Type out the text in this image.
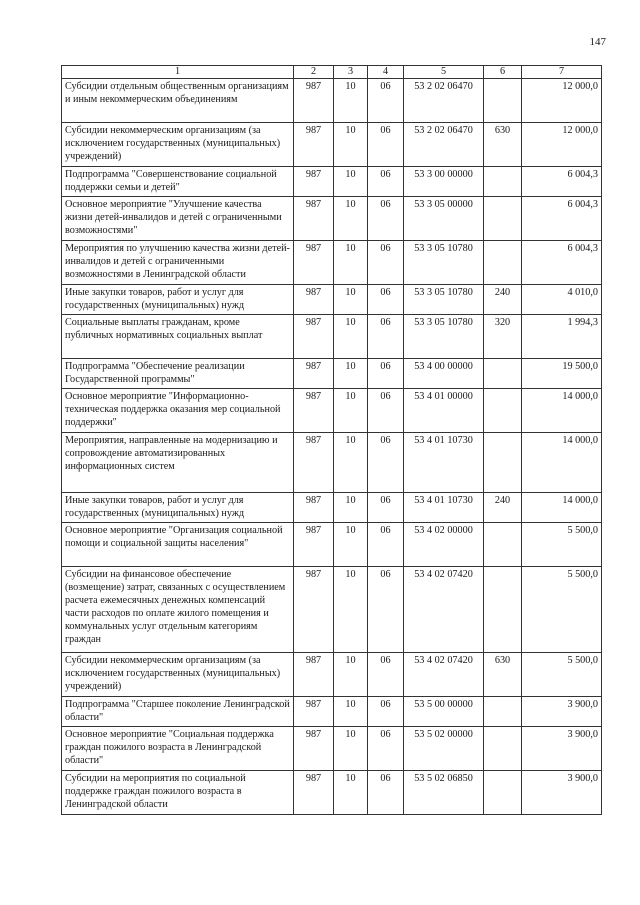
147
1	2	3	4	5	6	7
Субсидии отдельным общественным организациям и иным некоммерческим объединениям	987	10	06	53 2 02 06470		12 000,0
Субсидии некоммерческим организациям (за исключением государственных (муниципальных) учреждений)	987	10	06	53 2 02 06470	630	12 000,0
Подпрограмма "Совершенствование социальной поддержки семьи и детей"	987	10	06	53 3 00 00000		6 004,3
Основное мероприятие "Улучшение качества жизни детей-инвалидов и детей с ограниченными возможностями"	987	10	06	53 3 05 00000		6 004,3
Мероприятия по улучшению качества жизни детей-инвалидов и детей с ограниченными возможностями в Ленинградской области	987	10	06	53 3 05 10780		6 004,3
Иные закупки товаров, работ и услуг для государственных (муниципальных) нужд	987	10	06	53 3 05 10780	240	4 010,0
Социальные выплаты гражданам, кроме публичных нормативных социальных выплат	987	10	06	53 3 05 10780	320	1 994,3
Подпрограмма "Обеспечение реализации Государственной программы"	987	10	06	53 4 00 00000		19 500,0
Основное мероприятие "Информационно-техническая поддержка оказания мер социальной поддержки"	987	10	06	53 4 01 00000		14 000,0
Мероприятия, направленные на модернизацию и сопровождение автоматизированных информационных систем	987	10	06	53 4 01 10730		14 000,0
Иные закупки товаров, работ и услуг для государственных (муниципальных) нужд	987	10	06	53 4 01 10730	240	14 000,0
Основное мероприятие "Организация социальной помощи и социальной защиты населения"	987	10	06	53 4 02 00000		5 500,0
Субсидии на финансовое обеспечение (возмещение) затрат, связанных с осуществлением расчета ежемесячных денежных компенсаций части расходов по оплате жилого помещения и коммунальных услуг отдельным категориям граждан	987	10	06	53 4 02 07420		5 500,0
Субсидии некоммерческим организациям (за исключением государственных (муниципальных) учреждений)	987	10	06	53 4 02 07420	630	5 500,0
Подпрограмма "Старшее поколение Ленинградской области"	987	10	06	53 5 00 00000		3 900,0
Основное мероприятие "Социальная поддержка граждан пожилого возраста в Ленинградской области"	987	10	06	53 5 02 00000		3 900,0
Субсидии на мероприятия по социальной поддержке граждан пожилого возраста в Ленинградской области	987	10	06	53 5 02 06850		3 900,0
